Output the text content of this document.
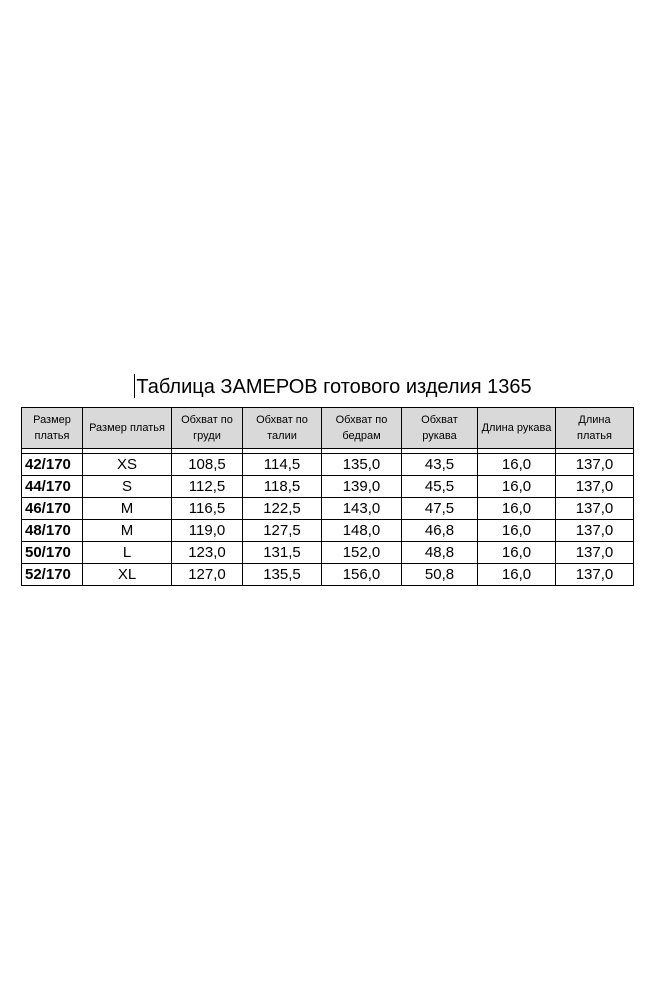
Таблица ЗАМЕРОВ готового изделия 1365
Размер платья	Размер платья	Обхват по груди	Обхват по талии	Обхват по бедрам	Обхват рукава	Длина рукава	Длина платья

42/170	XS	108,5	114,5	135,0	43,5	16,0	137,0
44/170	S	112,5	118,5	139,0	45,5	16,0	137,0
46/170	M	116,5	122,5	143,0	47,5	16,0	137,0
48/170	M	119,0	127,5	148,0	46,8	16,0	137,0
50/170	L	123,0	131,5	152,0	48,8	16,0	137,0
52/170	XL	127,0	135,5	156,0	50,8	16,0	137,0
